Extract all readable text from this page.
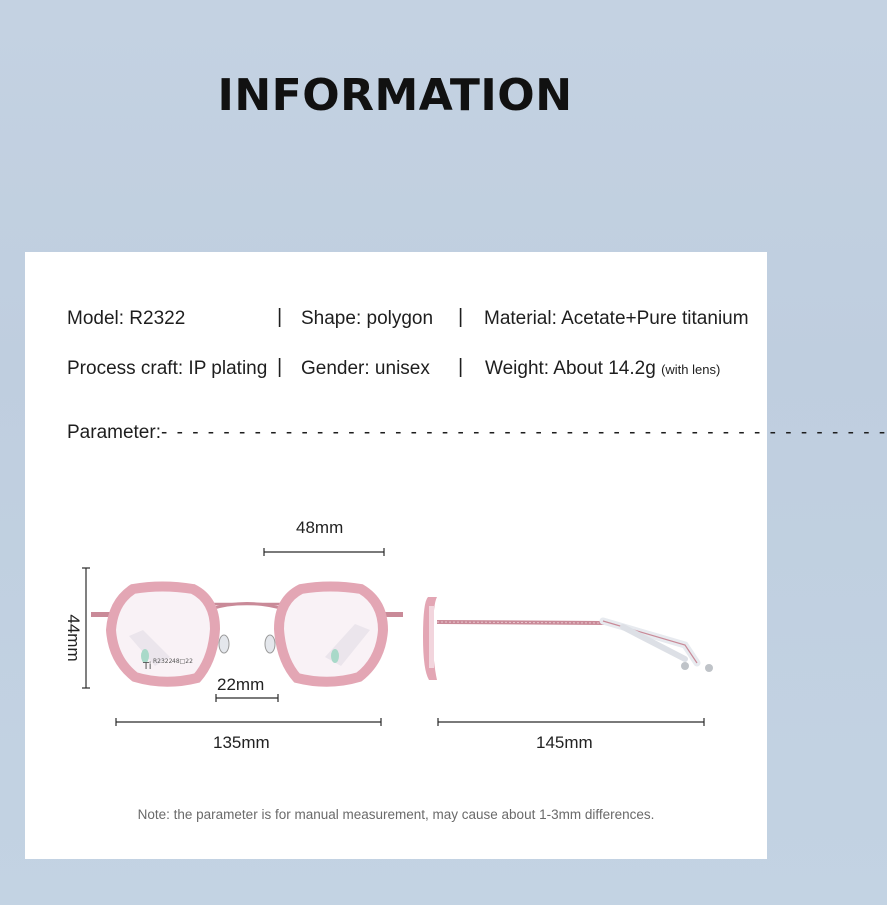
INFORMATION
Model: R2322	| Shape: polygon | Material: Acetate+Pure titanium
Process craft: IP plating | Gender: unisex | Weight: About 14.2g (with lens)
Parameter:- - - - - - - - - - - - - - - - - - - - - - - - - - - - - - - - - - - - - - - - - - - - - - -
Ti R2322 48□22
48mm
44mm
22mm
135mm	145mm
Note: the parameter is for manual measurement, may cause about 1-3mm differences.
